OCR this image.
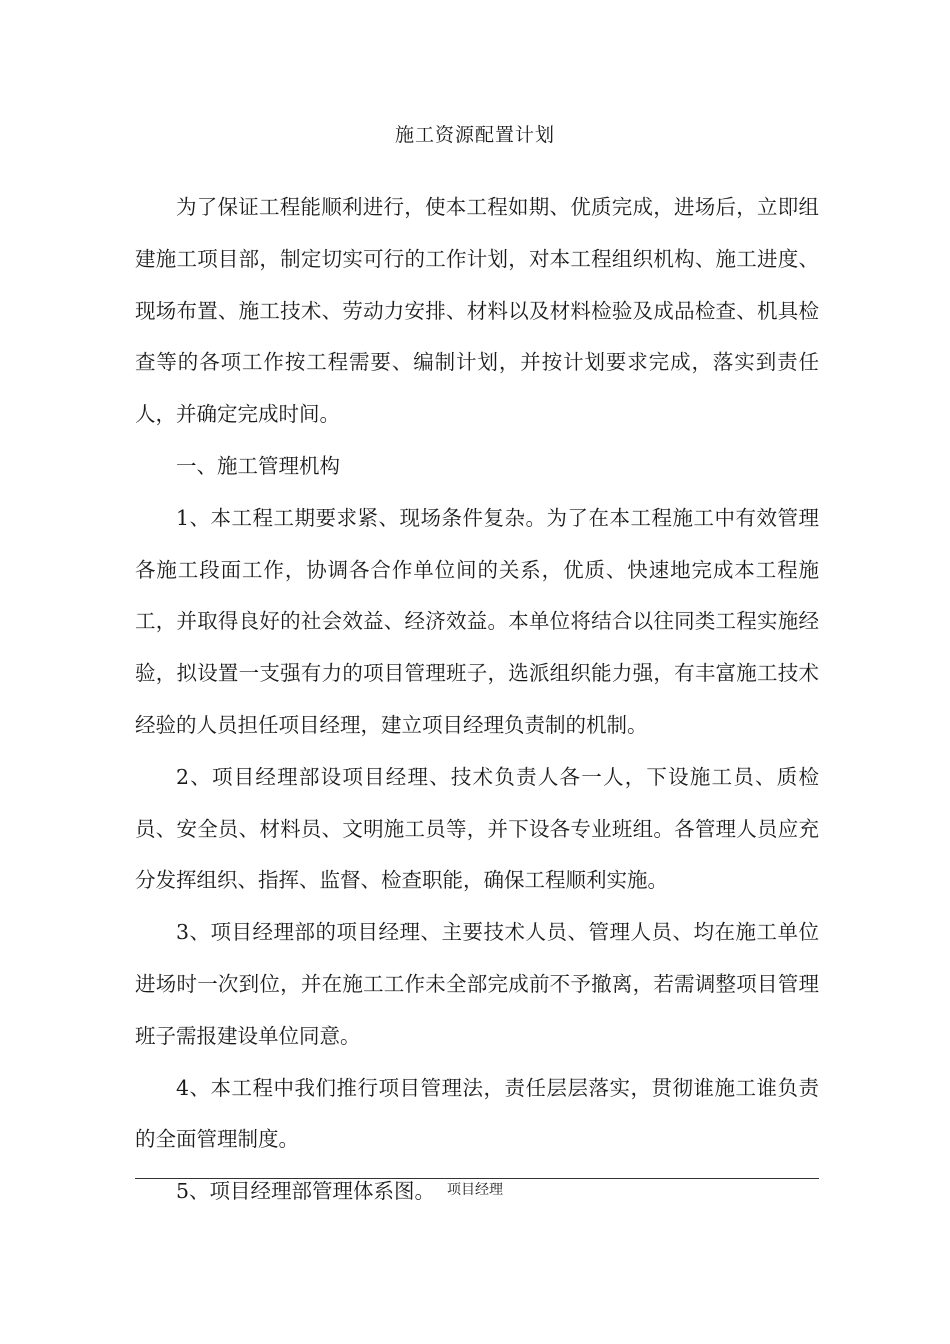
施工资源配置计划

为了保证工程能顺利进行，使本工程如期、优质完成，进场后，立即组建施工项目部，制定切实可行的工作计划，对本工程组织机构、施工进度、现场布置、施工技术、劳动力安排、材料以及材料检验及成品检查、机具检查等的各项工作按工程需要、编制计划，并按计划要求完成，落实到责任人，并确定完成时间。

一、施工管理机构

1、本工程工期要求紧、现场条件复杂。为了在本工程施工中有效管理各施工段面工作，协调各合作单位间的关系，优质、快速地完成本工程施工，并取得良好的社会效益、经济效益。本单位将结合以往同类工程实施经验，拟设置一支强有力的项目管理班子，选派组织能力强，有丰富施工技术经验的人员担任项目经理，建立项目经理负责制的机制。

2、项目经理部设项目经理、技术负责人各一人，下设施工员、质检员、安全员、材料员、文明施工员等，并下设各专业班组。各管理人员应充分发挥组织、指挥、监督、检查职能，确保工程顺利实施。

3、项目经理部的项目经理、主要技术人员、管理人员、均在施工单位进场时一次到位，并在施工工作未全部完成前不予撤离，若需调整项目管理班子需报建设单位同意。

4、本工程中我们推行项目管理法，责任层层落实，贯彻谁施工谁负责的全面管理制度。

5、项目经理部管理体系图。 项目经理
